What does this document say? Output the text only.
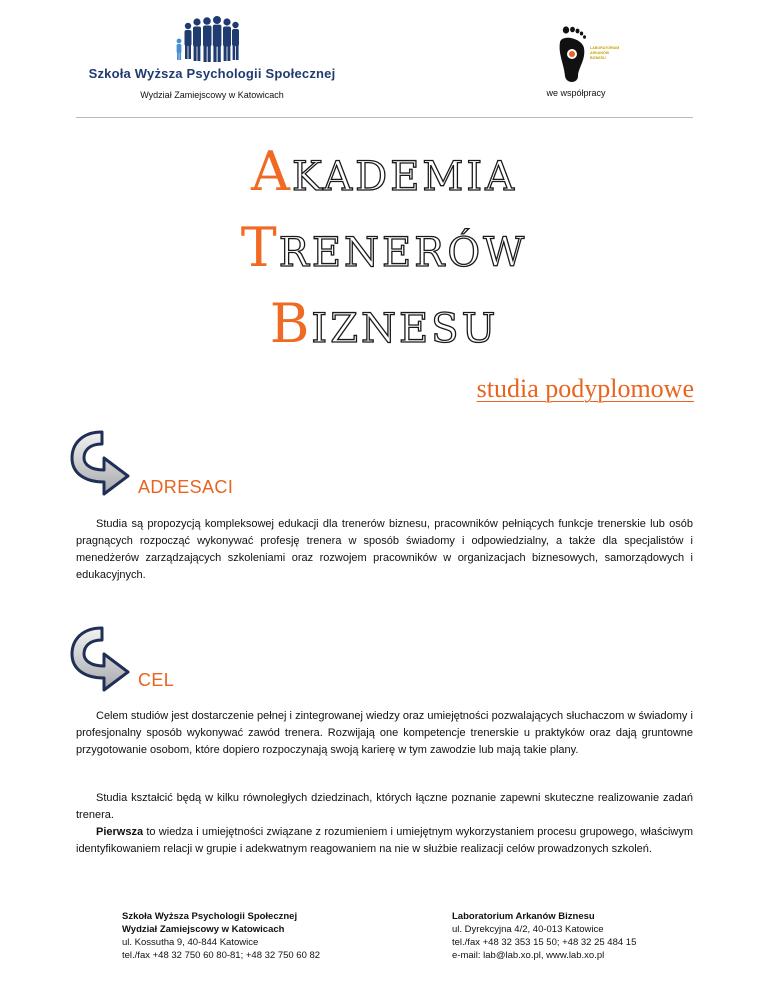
Szkoła Wyższa Psychologii Społecznej
Wydział Zamiejscowy w Katowicach
LABORATORIUM ARKANÓW BIZNESU
we współpracy
AKADEMIA
TRENERÓW
BIZNESU
studia podyplomowe
ADRESACI
Studia są propozycją kompleksowej edukacji dla trenerów biznesu, pracowników pełniących funkcje trenerskie lub osób pragnących rozpocząć wykonywać profesję trenera w sposób świadomy i odpowiedzialny, a także dla specjalistów i menedżerów zarządzających szkoleniami oraz rozwojem pracowników w organizacjach biznesowych, samorządowych i edukacyjnych.
CEL
Celem studiów jest dostarczenie pełnej i zintegrowanej wiedzy oraz umiejętności pozwalających słuchaczom w świadomy i profesjonalny sposób wykonywać zawód trenera. Rozwijają one kompetencje trenerskie u praktyków oraz dają gruntowne przygotowanie osobom, które dopiero rozpoczynają swoją karierę w tym zawodzie lub mają takie plany.
Studia kształcić będą w kilku równoległych dziedzinach, których łączne poznanie zapewni skuteczne realizowanie zadań trenera.
Pierwsza to wiedza i umiejętności związane z rozumieniem i umiejętnym wykorzystaniem procesu grupowego, właściwym identyfikowaniem relacji w grupie i adekwatnym reagowaniem na nie w służbie realizacji celów prowadzonych szkoleń.
Szkoła Wyższa Psychologii Społecznej
Wydział Zamiejscowy w Katowicach
ul. Kossutha 9, 40-844 Katowice
tel./fax +48 32 750 60 80-81; +48 32 750 60 82
Laboratorium Arkanów Biznesu
ul. Dyrekcyjna 4/2, 40-013 Katowice
tel./fax +48 32 353 15 50; +48 32 25 484 15
e-mail: lab@lab.xo.pl, www.lab.xo.pl
